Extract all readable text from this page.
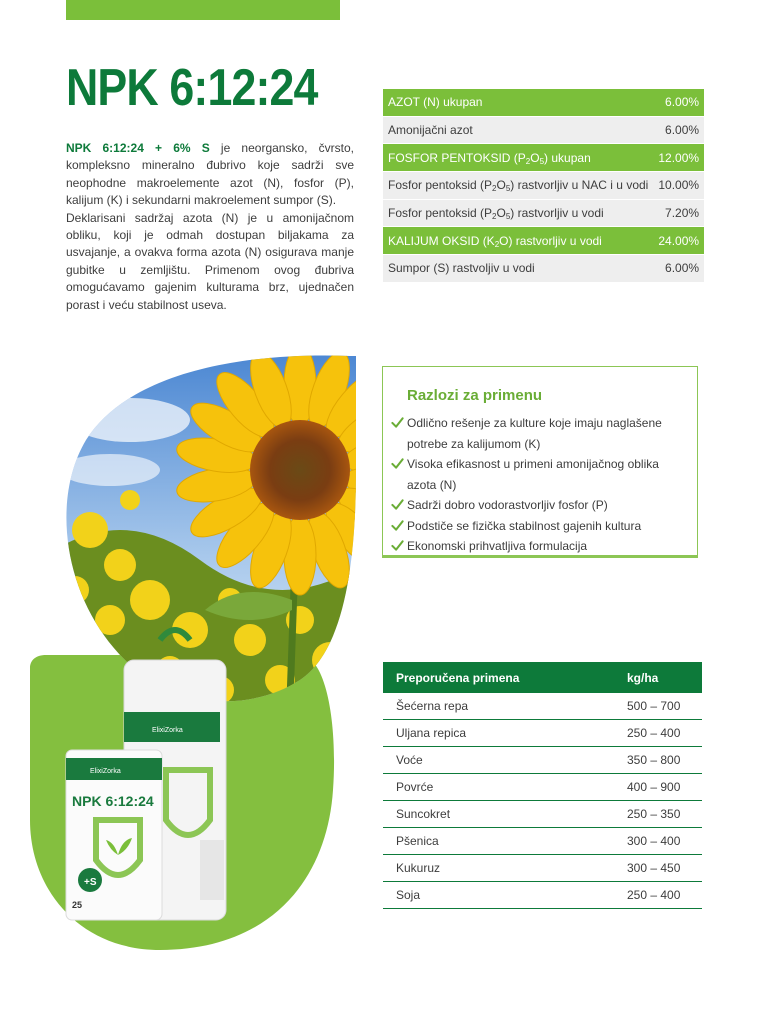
NPK 6:12:24

NPK 6:12:24 + 6% S je neorgansko, čvrsto, kompleksno mineralno đubrivo koje sadrži sve neophodne makroelemente azot (N), fosfor (P), kalijum (K) i sekundarni makroelement sumpor (S).

Deklarisani sadržaj azota (N) je u amonijačnom obliku, koji je odmah dostupan biljakama za usvajanje, a ovakva forma azota (N) osigurava manje gubitke u zemljištu. Primenom ovog đubriva omogućavamo gajenim kulturama brz, ujednačen porast i veću stabilnost useva.

AZOT (N) ukupan	6.00%
Amonijačni azot	6.00%
FOSFOR PENTOKSID $(P_2O_5)$ ukupan	12.00%
Fosfor pentoksid $(P_2O_5)$ rastvorljiv u NAC i u vodi	10.00%
Fosfor pentoksid $(P_2O_5)$ rastvorljiv u vodi	7.20%
KALIJUM OKSID $(K_2O)$ rastvorljiv u vodi	24.00%
Sumpor (S) rastvoljiv u vodi	6.00%
ElixiZorka
ElixiZorka
NPK 6:12:24
+S
25
Razlozi za primenu
Odlično rešenje za kulture koje imaju naglašene potrebe za kalijumom (K)
Visoka efikasnost u primeni amonijačnog oblika azota (N)
Sadrži dobro vodorastvorljiv fosfor (P)
Podstiče se fizička stabilnost gajenih kultura
Ekonomski prihvatljiva formulacija
Preporučena primena	kg/ha
Šećerna repa	500 – 700
Uljana repica	250 – 400
Voće	350 – 800
Povrće	400 – 900
Suncokret	250 – 350
Pšenica	300 – 400
Kukuruz	300 – 450
Soja	250 – 400
